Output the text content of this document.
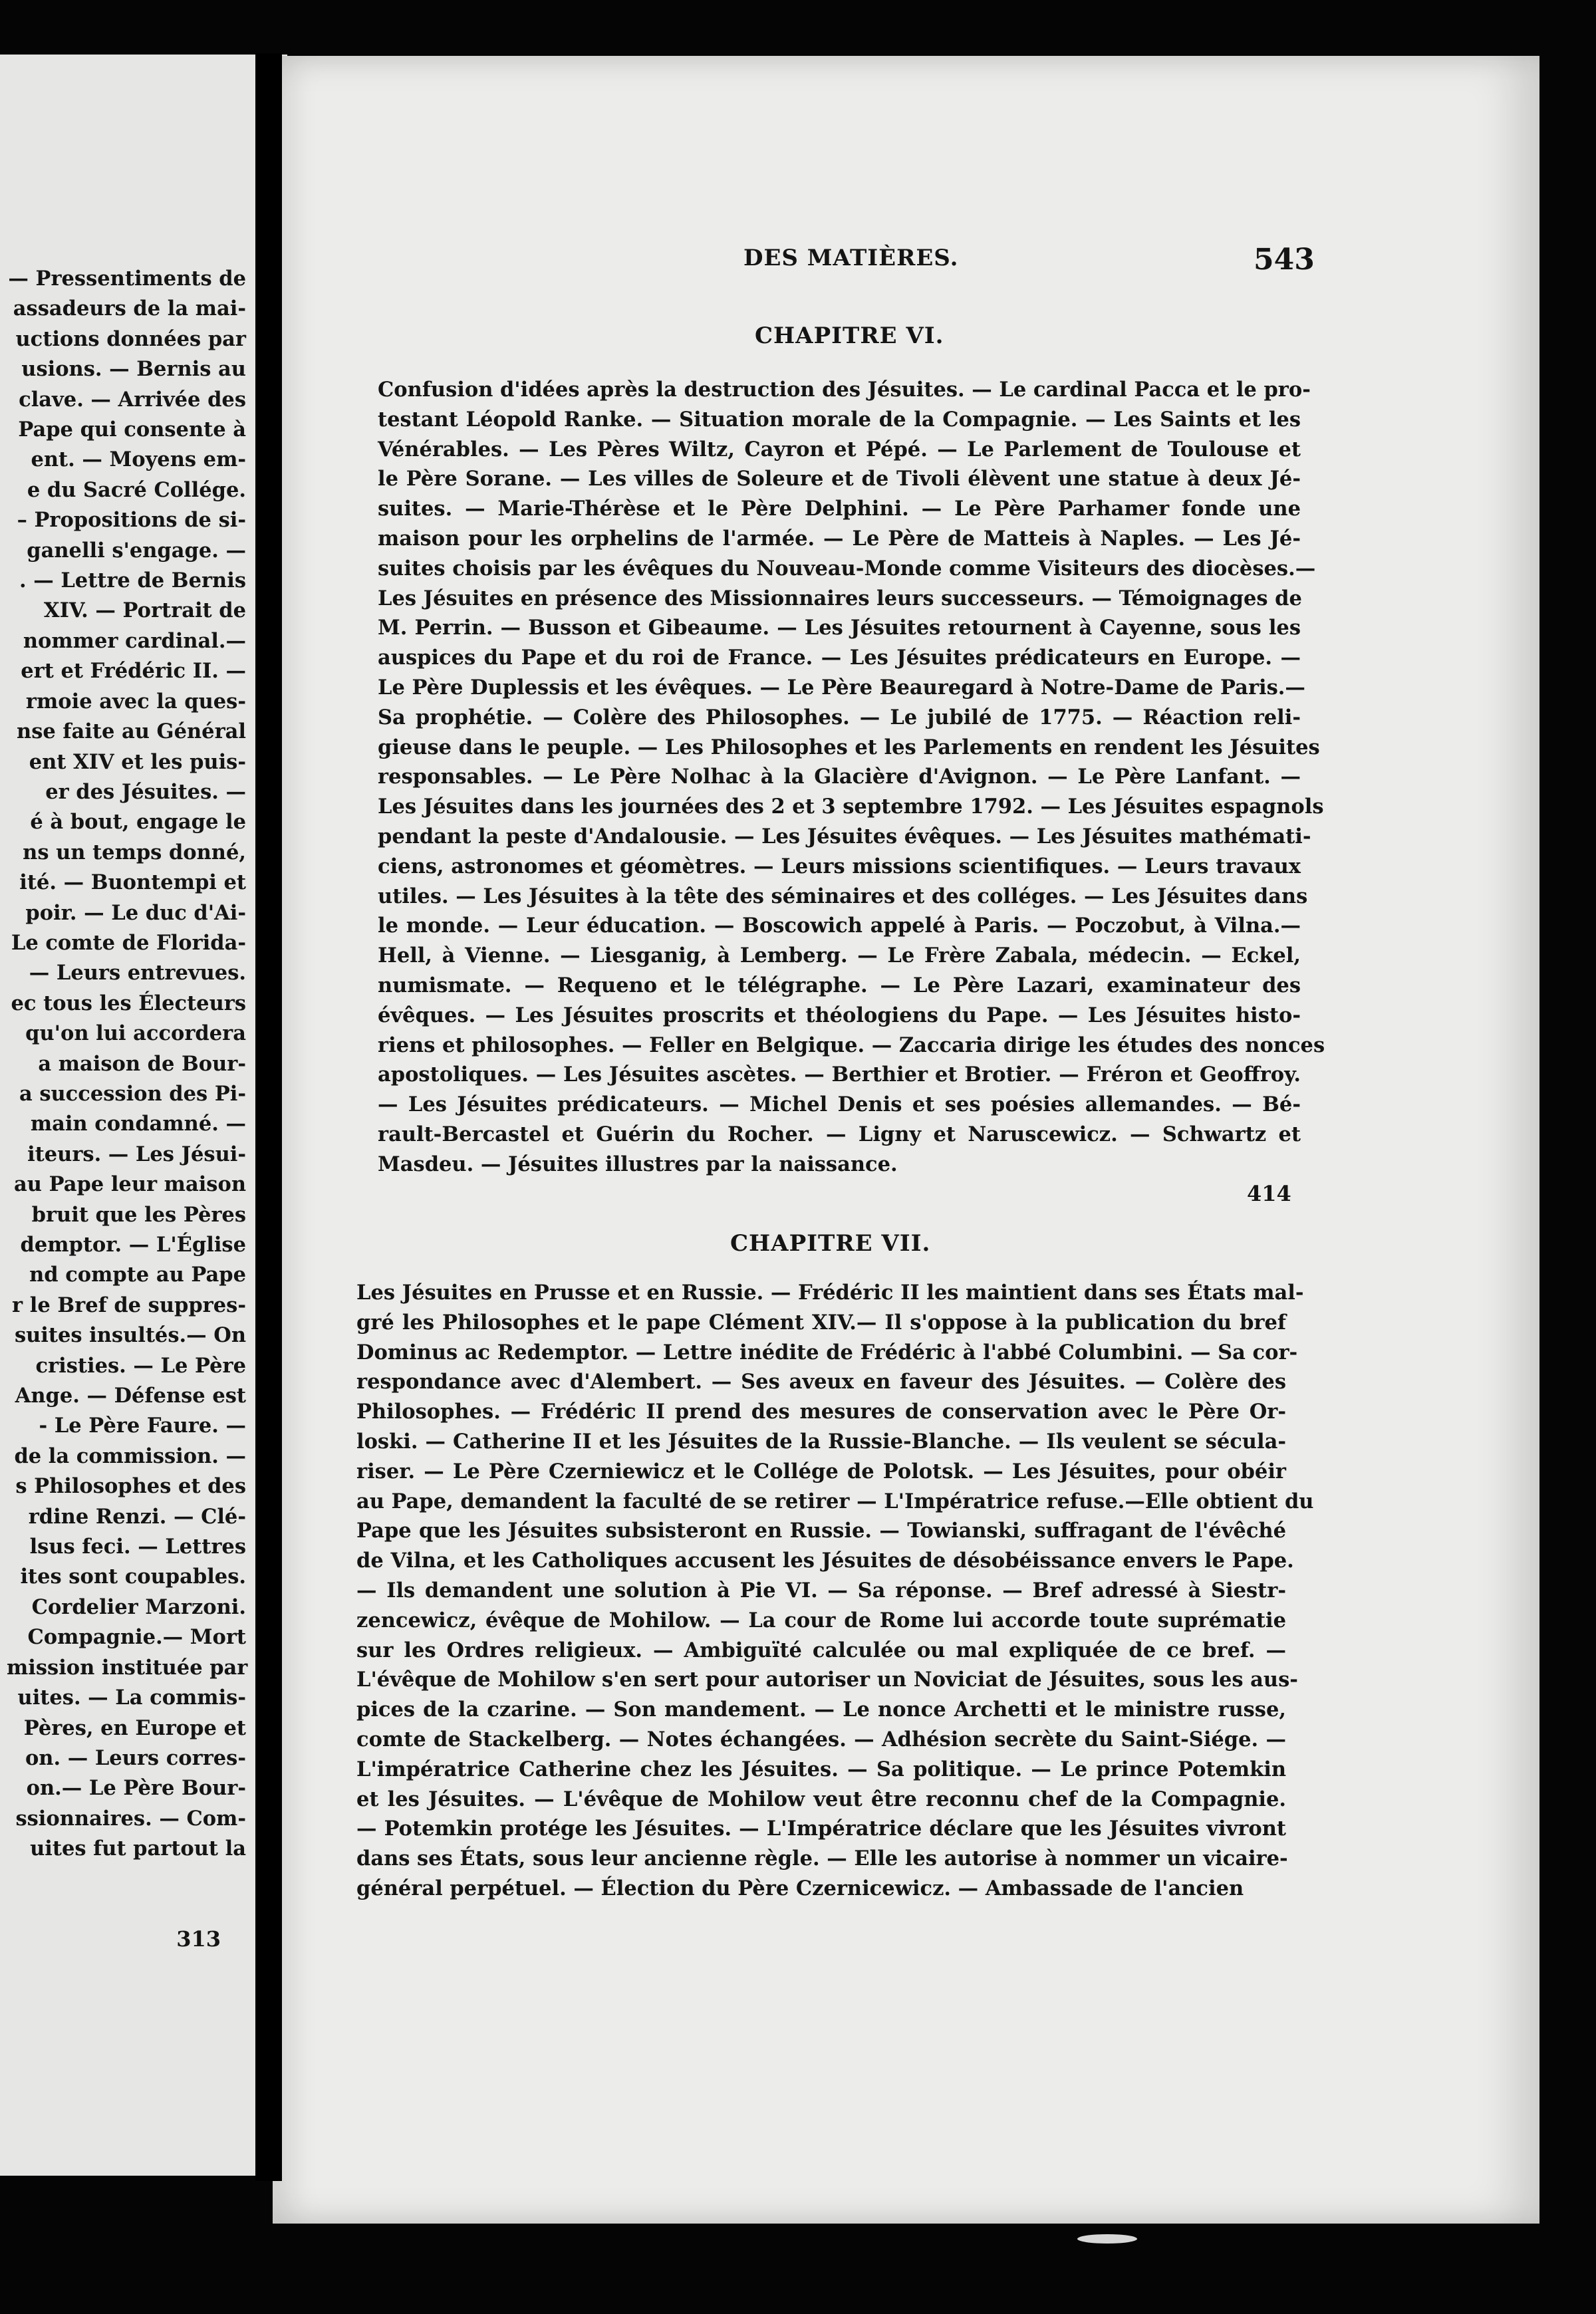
— Pressentiments de
assadeurs de la mai-
uctions données par
usions. — Bernis au
clave. — Arrivée des
Pape qui consente à
ent. — Moyens em-
e du Sacré Collége.
– Propositions de si-
ganelli s'engage. —
. — Lettre de Bernis
XIV. — Portrait de
nommer cardinal.—
ert et Frédéric II. —
rmoie avec la ques-
nse faite au Général
ent XIV et les puis-
er des Jésuites. —
é à bout, engage le
ns un temps donné,
ité. — Buontempi et
poir. — Le duc d'Ai-
Le comte de Florida-
— Leurs entrevues.
ec tous les Électeurs
qu'on lui accordera
a maison de Bour-
a succession des Pi-
main condamné. —
iteurs. — Les Jésui-
au Pape leur maison
bruit que les Pères
demptor. — L'Église
nd compte au Pape
r le Bref de suppres-
suites insultés.— On
cristies. — Le Père
Ange. — Défense est
- Le Père Faure. —
de la commission. —
s Philosophes et des
rdine Renzi. — Clé-
lsus feci. — Lettres
ites sont coupables.
Cordelier Marzoni.
Compagnie.— Mort
mission instituée par
uites. — La commis-
Pères, en Europe et
on. — Leurs corres-
on.— Le Père Bour-
ssionnaires. — Com-
uites fut partout la
313
DES MATIÈRES.	543
CHAPITRE VI.
Confusion d'idées après la destruction des Jésuites. — Le cardinal Pacca et le pro-
testant Léopold Ranke. — Situation morale de la Compagnie. — Les Saints et les
Vénérables. — Les Pères Wiltz, Cayron et Pépé. — Le Parlement de Toulouse et
le Père Sorane. — Les villes de Soleure et de Tivoli élèvent une statue à deux Jé-
suites. — Marie-Thérèse et le Père Delphini. — Le Père Parhamer fonde une
maison pour les orphelins de l'armée. — Le Père de Matteis à Naples. — Les Jé-
suites choisis par les évêques du Nouveau-Monde comme Visiteurs des diocèses.—
Les Jésuites en présence des Missionnaires leurs successeurs. — Témoignages de
M. Perrin. — Busson et Gibeaume. — Les Jésuites retournent à Cayenne, sous les
auspices du Pape et du roi de France. — Les Jésuites prédicateurs en Europe. —
Le Père Duplessis et les évêques. — Le Père Beauregard à Notre-Dame de Paris.—
Sa prophétie. — Colère des Philosophes. — Le jubilé de 1775. — Réaction reli-
gieuse dans le peuple. — Les Philosophes et les Parlements en rendent les Jésuites
responsables. — Le Père Nolhac à la Glacière d'Avignon. — Le Père Lanfant. —
Les Jésuites dans les journées des 2 et 3 septembre 1792. — Les Jésuites espagnols
pendant la peste d'Andalousie. — Les Jésuites évêques. — Les Jésuites mathémati-
ciens, astronomes et géomètres. — Leurs missions scientifiques. — Leurs travaux
utiles. — Les Jésuites à la tête des séminaires et des colléges. — Les Jésuites dans
le monde. — Leur éducation. — Boscowich appelé à Paris. — Poczobut, à Vilna.—
Hell, à Vienne. — Liesganig, à Lemberg. — Le Frère Zabala, médecin. — Eckel,
numismate. — Requeno et le télégraphe. — Le Père Lazari, examinateur des
évêques. — Les Jésuites proscrits et théologiens du Pape. — Les Jésuites histo-
riens et philosophes. — Feller en Belgique. — Zaccaria dirige les études des nonces
apostoliques. — Les Jésuites ascètes. — Berthier et Brotier. — Fréron et Geoffroy.
— Les Jésuites prédicateurs. — Michel Denis et ses poésies allemandes. — Bé-
rault-Bercastel et Guérin du Rocher. — Ligny et Naruscewicz. — Schwartz et
Masdeu. — Jésuites illustres par la naissance.
414
CHAPITRE VII.
Les Jésuites en Prusse et en Russie. — Frédéric II les maintient dans ses États mal-
gré les Philosophes et le pape Clément XIV.— Il s'oppose à la publication du bref
Dominus ac Redemptor. — Lettre inédite de Frédéric à l'abbé Columbini. — Sa cor-
respondance avec d'Alembert. — Ses aveux en faveur des Jésuites. — Colère des
Philosophes. — Frédéric II prend des mesures de conservation avec le Père Or-
loski. — Catherine II et les Jésuites de la Russie-Blanche. — Ils veulent se sécula-
riser. — Le Père Czerniewicz et le Collége de Polotsk. — Les Jésuites, pour obéir
au Pape, demandent la faculté de se retirer — L'Impératrice refuse.—Elle obtient du
Pape que les Jésuites subsisteront en Russie. — Towianski, suffragant de l'évêché
de Vilna, et les Catholiques accusent les Jésuites de désobéissance envers le Pape.
— Ils demandent une solution à Pie VI. — Sa réponse. — Bref adressé à Siestr-
zencewicz, évêque de Mohilow. — La cour de Rome lui accorde toute suprématie
sur les Ordres religieux. — Ambiguïté calculée ou mal expliquée de ce bref. —
L'évêque de Mohilow s'en sert pour autoriser un Noviciat de Jésuites, sous les aus-
pices de la czarine. — Son mandement. — Le nonce Archetti et le ministre russe,
comte de Stackelberg. — Notes échangées. — Adhésion secrète du Saint-Siége. —
L'impératrice Catherine chez les Jésuites. — Sa politique. — Le prince Potemkin
et les Jésuites. — L'évêque de Mohilow veut être reconnu chef de la Compagnie.
— Potemkin protége les Jésuites. — L'Impératrice déclare que les Jésuites vivront
dans ses États, sous leur ancienne règle. — Elle les autorise à nommer un vicaire-
général perpétuel. — Élection du Père Czernicewicz. — Ambassade de l'ancien
